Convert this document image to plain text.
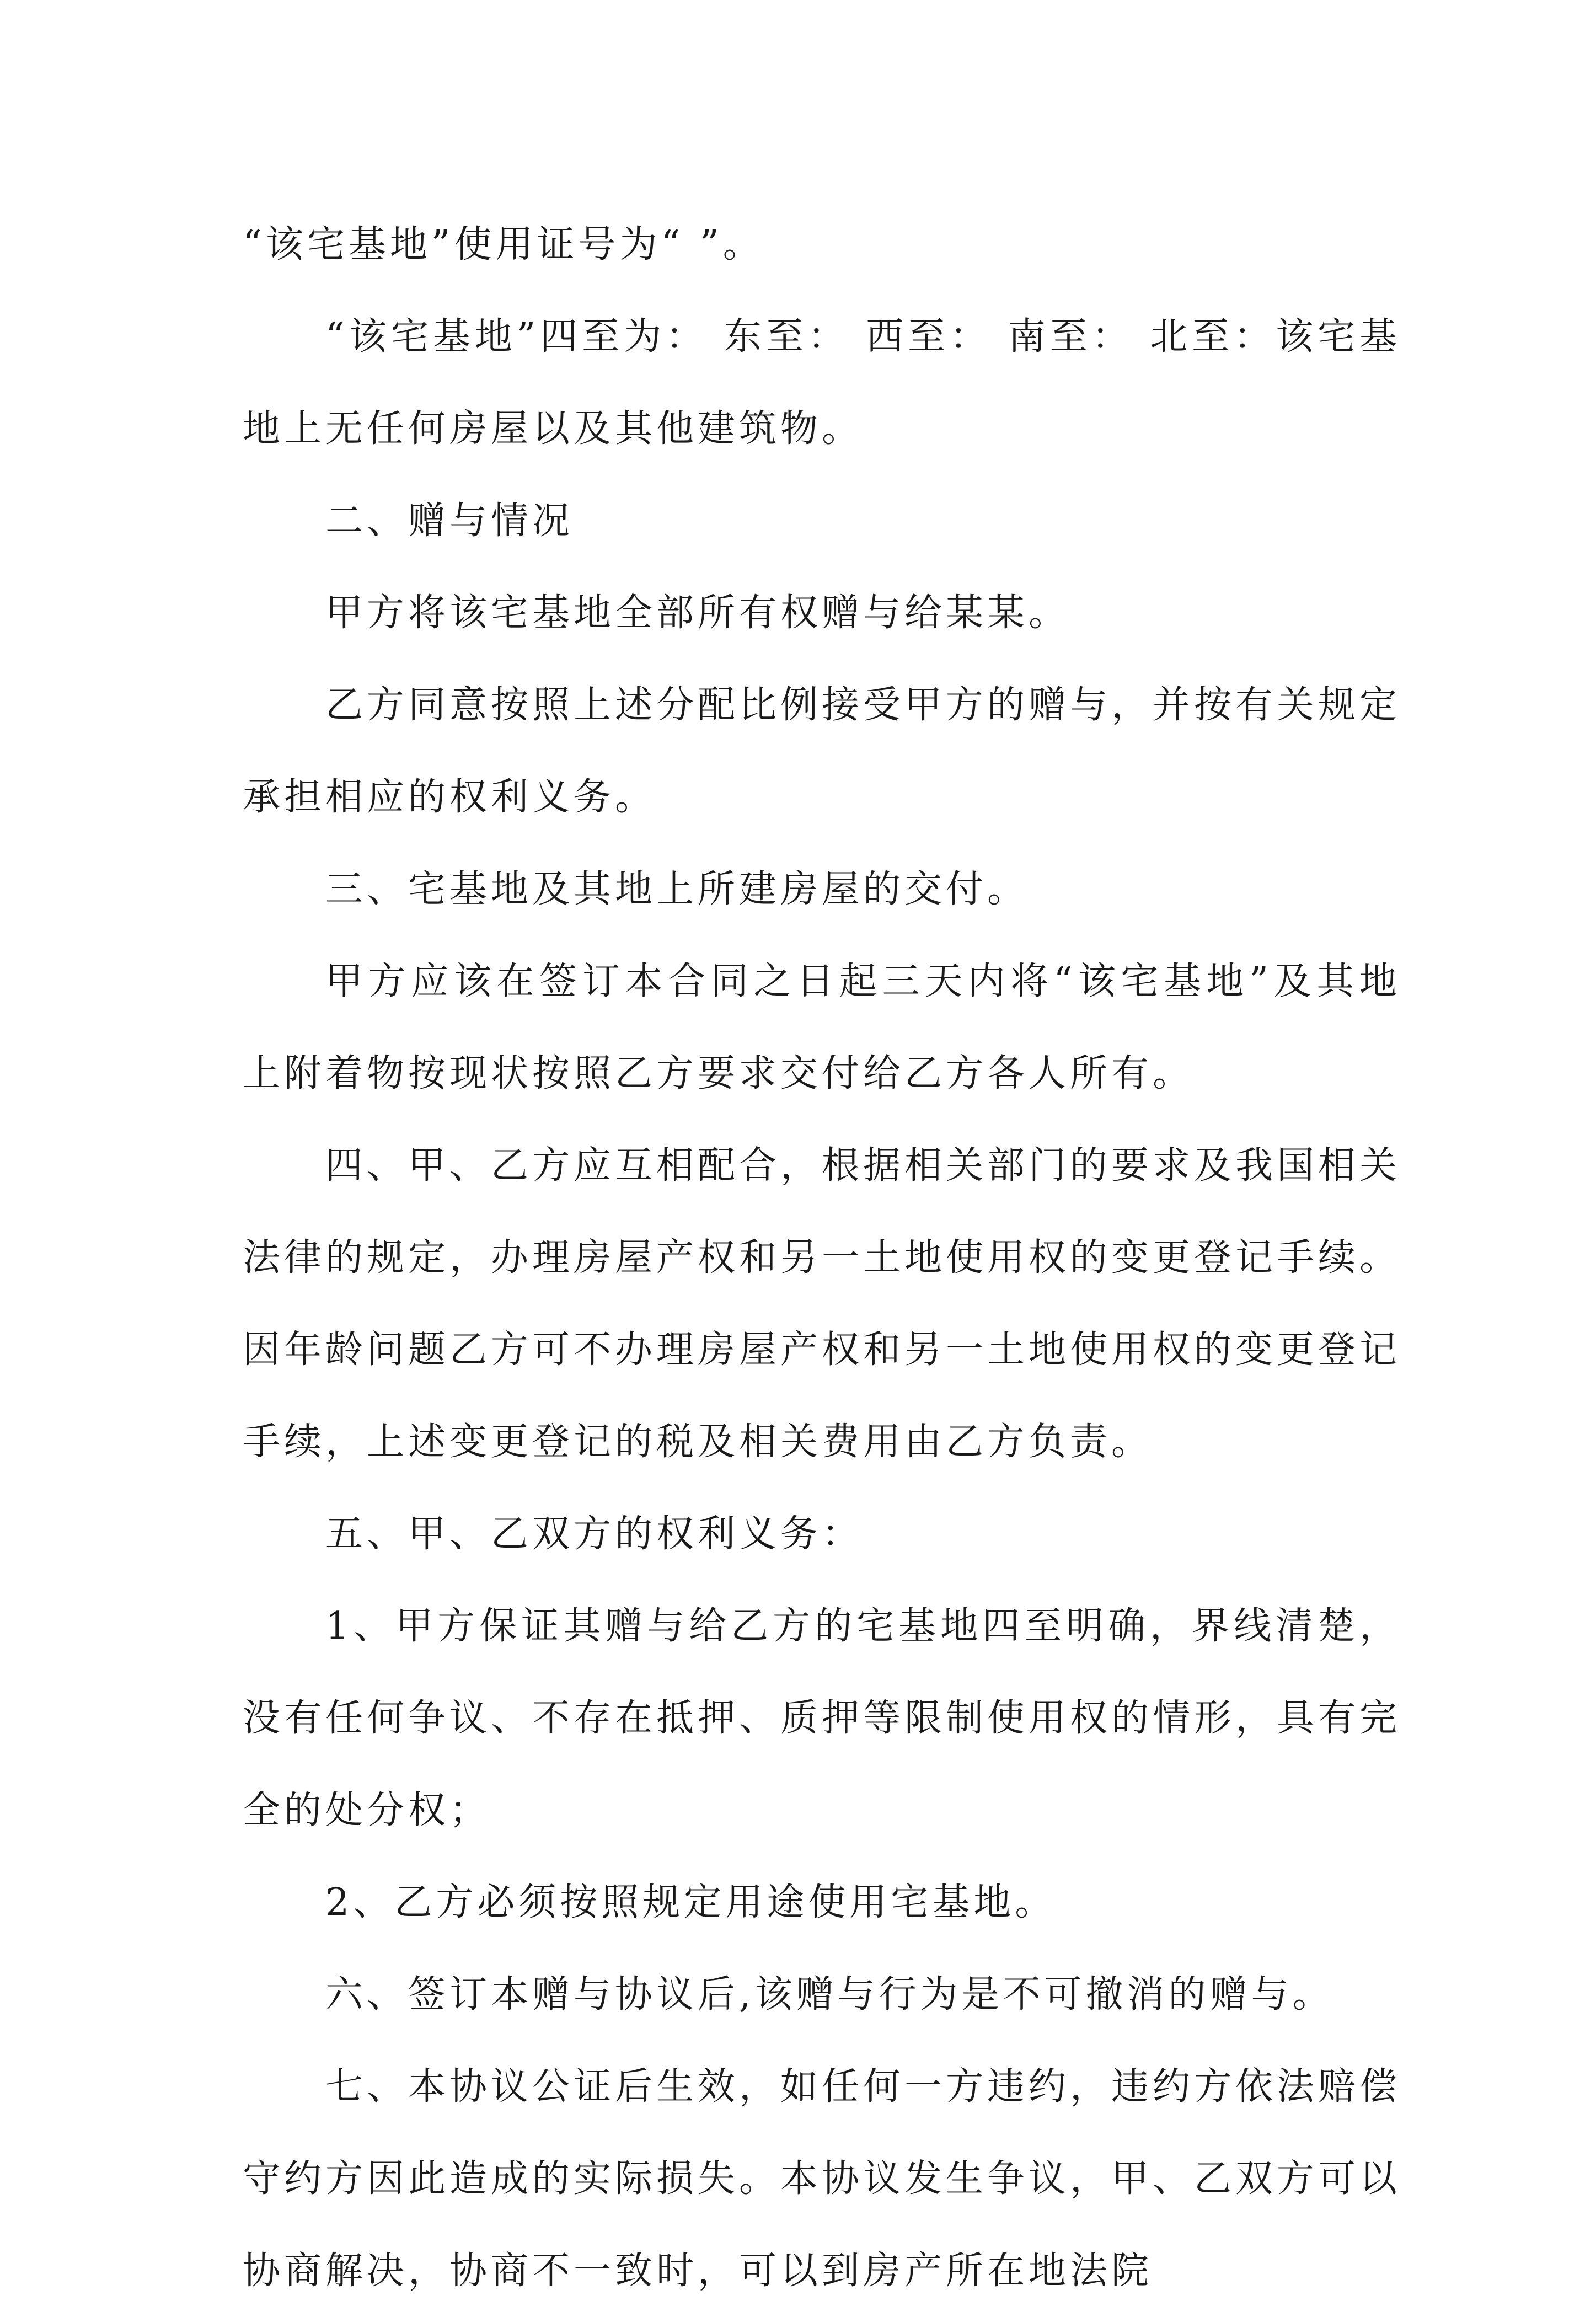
“该宅基地”使用证号为“ ”。

“该宅基地”四至为： 东至： 西至： 南至： 北至：该宅基地上无任何房屋以及其他建筑物。

二、赠与情况

甲方将该宅基地全部所有权赠与给某某。

乙方同意按照上述分配比例接受甲方的赠与，并按有关规定承担相应的权利义务。

三、宅基地及其地上所建房屋的交付。

甲方应该在签订本合同之日起三天内将“该宅基地”及其地上附着物按现状按照乙方要求交付给乙方各人所有。

四、甲、乙方应互相配合，根据相关部门的要求及我国相关法律的规定，办理房屋产权和另一土地使用权的变更登记手续。因年龄问题乙方可不办理房屋产权和另一土地使用权的变更登记手续，上述变更登记的税及相关费用由乙方负责。

五、甲、乙双方的权利义务：

1、甲方保证其赠与给乙方的宅基地四至明确，界线清楚，没有任何争议、不存在抵押、质押等限制使用权的情形，具有完全的处分权；

2、乙方必须按照规定用途使用宅基地。

六、签订本赠与协议后,该赠与行为是不可撤消的赠与。

七、本协议公证后生效，如任何一方违约，违约方依法赔偿守约方因此造成的实际损失。本协议发生争议，甲、乙双方可以协商解决，协商不一致时，可以到房产所在地法院
